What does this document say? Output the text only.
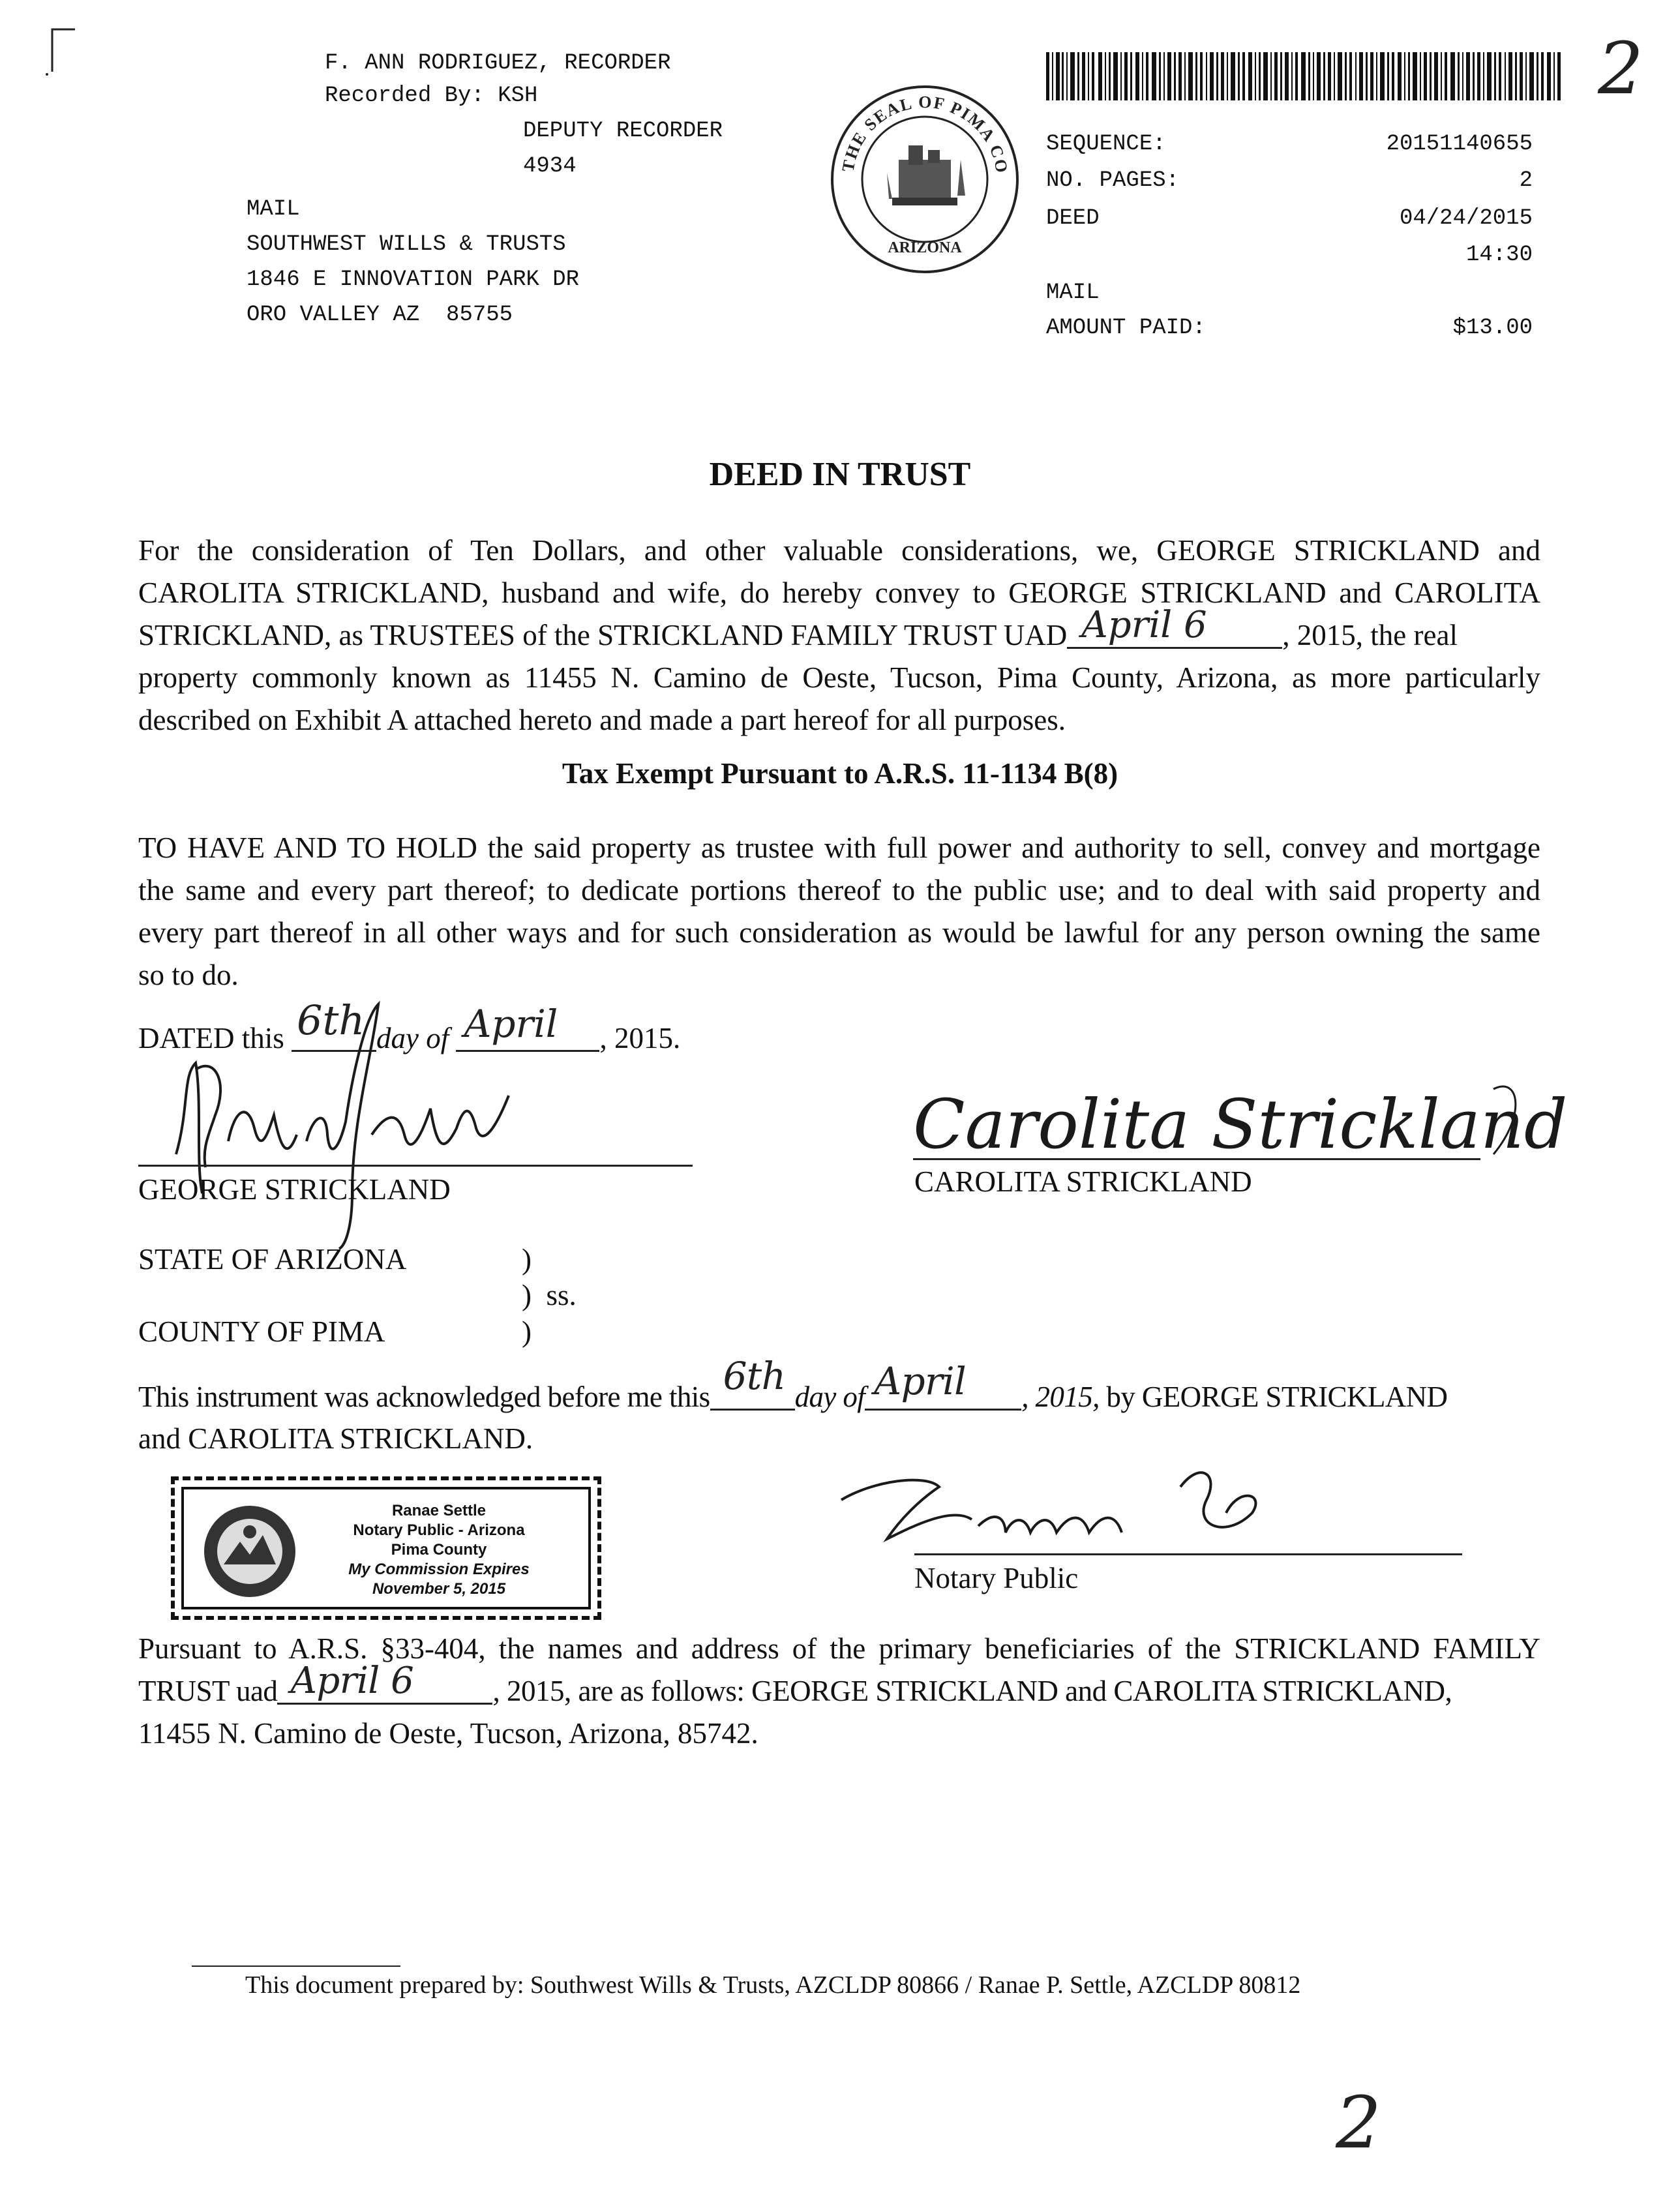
F. ANN RODRIGUEZ, RECORDER
Recorded By: KSH
DEPUTY RECORDER
4934
MAIL
SOUTHWEST WILLS & TRUSTS
1846 E INNOVATION PARK DR
ORO VALLEY AZ  85755
THE SEAL OF PIMA COUNTY
ARIZONA
2
SEQUENCE:	20151140655
NO. PAGES:	2
DEED	04/24/2015
14:30
MAIL
AMOUNT PAID:	$13.00
DEED IN TRUST
For the consideration of Ten Dollars, and other valuable considerations, we, GEORGE STRICKLAND and
CAROLITA STRICKLAND, husband and wife, do hereby convey to GEORGE STRICKLAND and CAROLITA
STRICKLAND, as TRUSTEES of the STRICKLAND FAMILY TRUST UAD April 6	, 2015, the real
property commonly known as 11455 N. Camino de Oeste, Tucson, Pima County, Arizona, as more particularly
described on Exhibit A attached hereto and made a part hereof for all purposes.
Tax Exempt Pursuant to A.R.S. 11-1134 B(8)
TO HAVE AND TO HOLD the said property as trustee with full power and authority to sell, convey and mortgage
the same and every part thereof; to dedicate portions thereof to the public use; and to deal with said property and
every part thereof in all other ways and for such consideration as would be lawful for any person owning the same
so to do.
DATED this 6th day of April , 2015.
GEORGE STRICKLAND
Carolita Strickland
CAROLITA STRICKLAND
STATE OF ARIZONA	)
)  ss.
COUNTY OF PIMA	)
This instrument was acknowledged before me this 6th day of April , 2015, by GEORGE STRICKLAND
and CAROLITA STRICKLAND.
Ranae Settle
Notary Public - Arizona
Pima County
My Commission Expires
November 5, 2015	Notary Public
Pursuant to A.R.S. §33-404, the names and address of the primary beneficiaries of the STRICKLAND FAMILY
TRUST uad April 6	, 2015, are as follows: GEORGE STRICKLAND and CAROLITA STRICKLAND,
11455 N. Camino de Oeste, Tucson, Arizona, 85742.
This document prepared by: Southwest Wills & Trusts, AZCLDP 80866 / Ranae P. Settle, AZCLDP 80812
2
